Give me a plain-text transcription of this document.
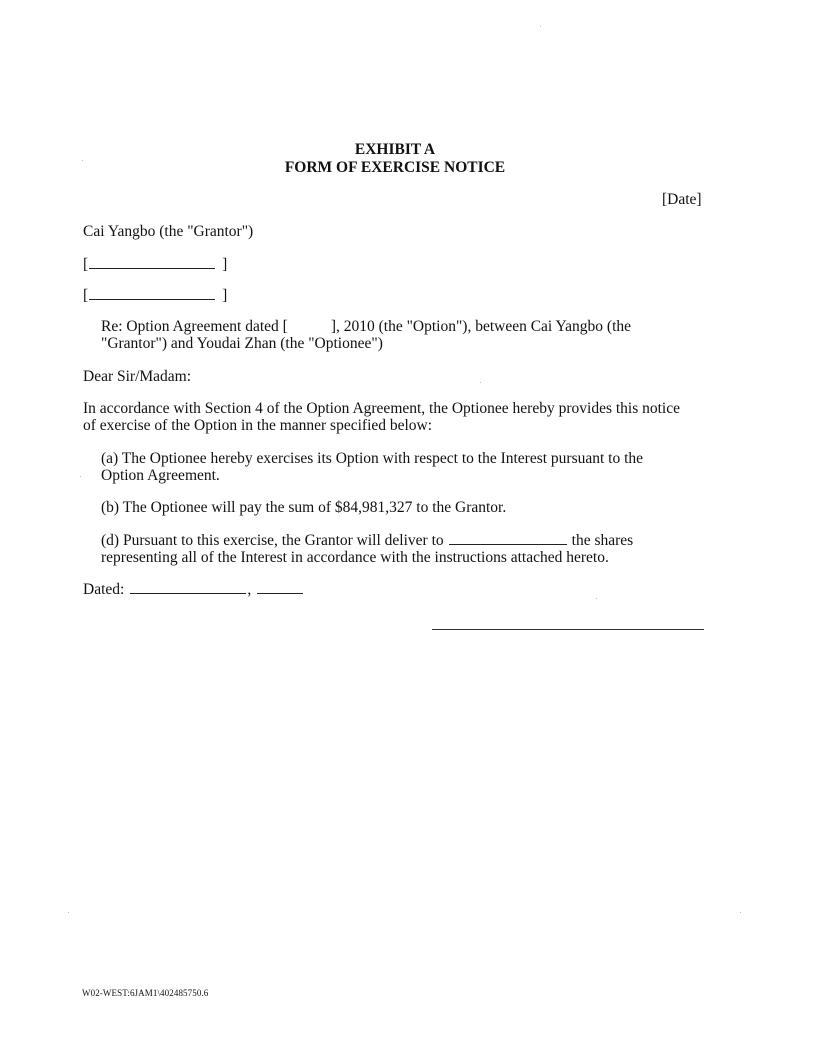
EXHIBIT A
FORM OF EXERCISE NOTICE
[Date]
Cai Yangbo (the "Grantor")
[	]
[	]
Re: Option Agreement dated [	], 2010 (the "Option"), between Cai Yangbo (the
"Grantor") and Youdai Zhan (the "Optionee")
Dear Sir/Madam:
In accordance with Section 4 of the Option Agreement, the Optionee hereby provides this notice
of exercise of the Option in the manner specified below:
(a) The Optionee hereby exercises its Option with respect to the Interest pursuant to the
Option Agreement.
(b) The Optionee will pay the sum of $84,981,327 to the Grantor.
(d) Pursuant to this exercise, the Grantor will deliver to	the shares
representing all of the Interest in accordance with the instructions attached hereto.
Dated:	,
W02-WEST:6JAM1\402485750.6
